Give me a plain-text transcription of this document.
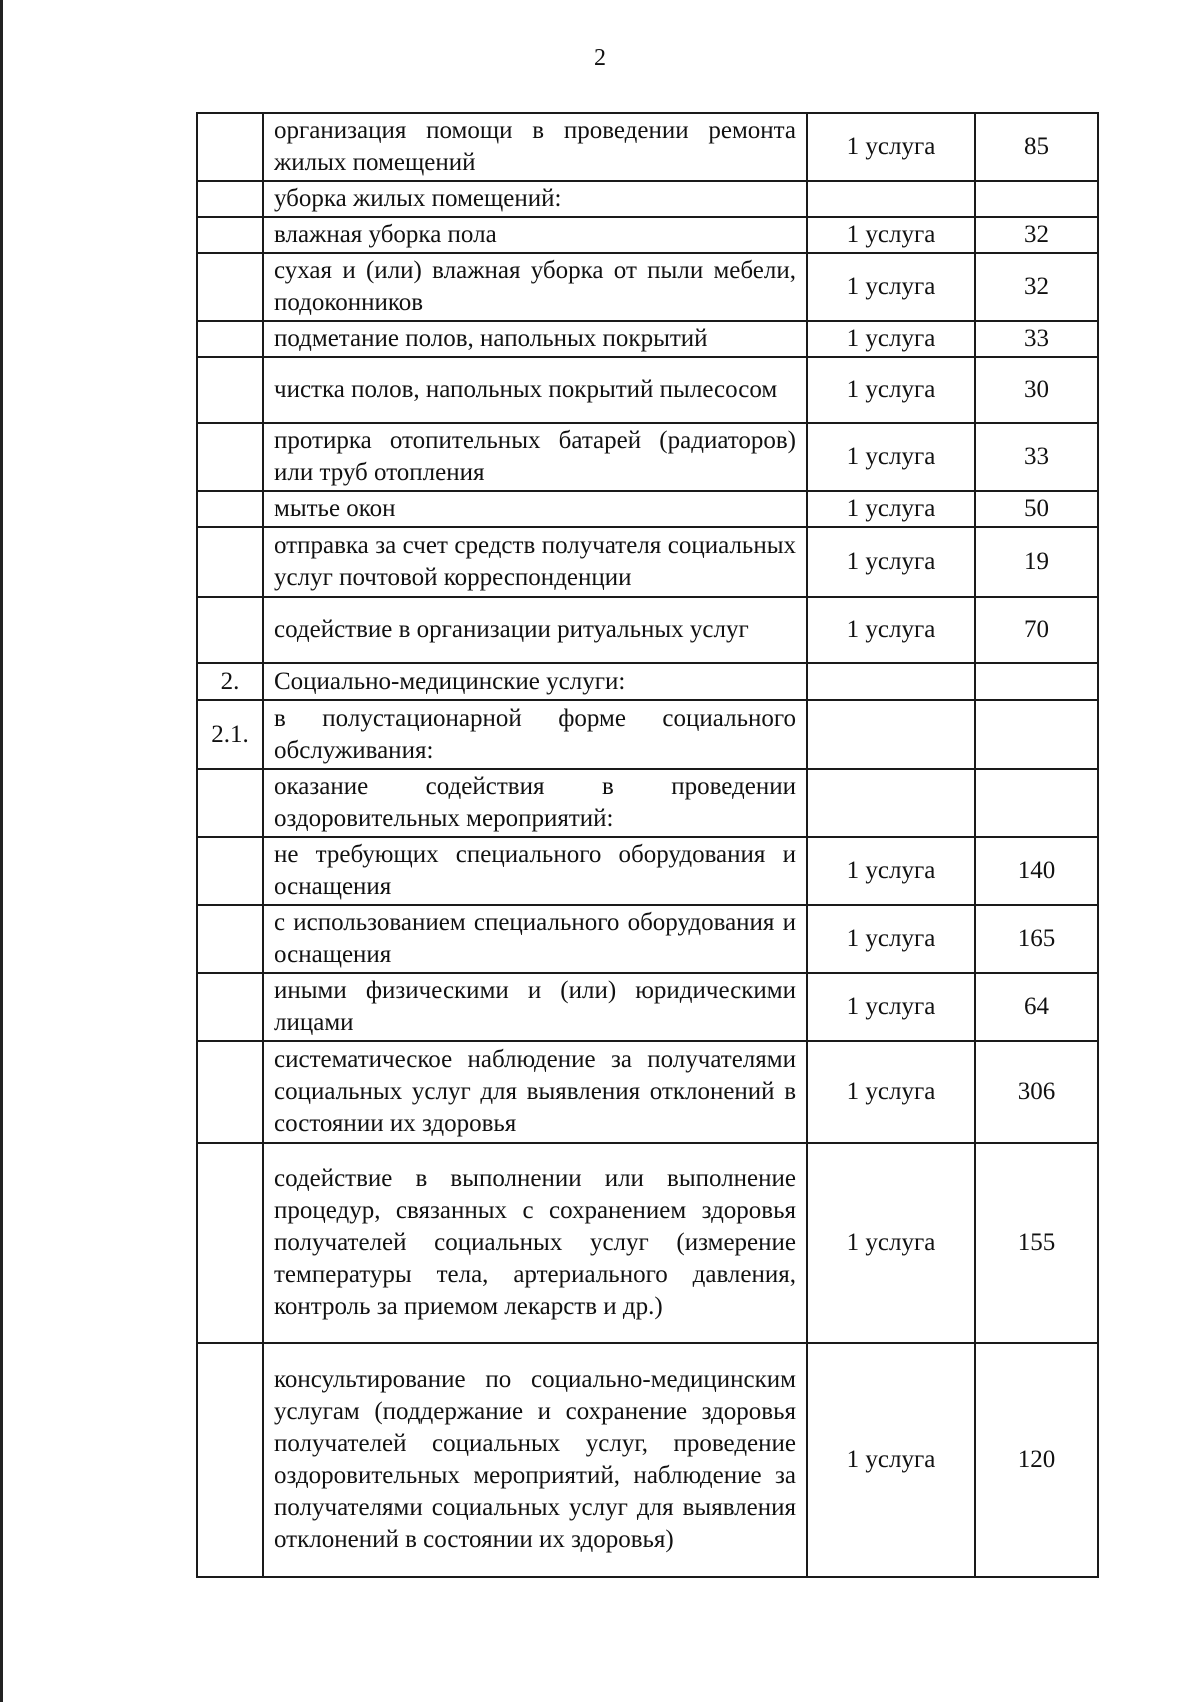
2
	организация помощи в проведении ремонта жилых помещений	1 услуга	85
	уборка жилых помещений:		
	влажная уборка пола	1 услуга	32
	сухая и (или) влажная уборка от пыли мебели, подоконников	1 услуга	32
	подметание полов, напольных покрытий	1 услуга	33
	чистка полов, напольных покрытий пылесосом	1 услуга	30
	протирка отопительных батарей (радиаторов) или труб отопления	1 услуга	33
	мытье окон	1 услуга	50
	отправка за счет средств получателя социальных услуг почтовой корреспонденции	1 услуга	19
	содействие в организации ритуальных услуг	1 услуга	70
2.	Социально-медицинские услуги:		
2.1.	в полустационарной форме социального обслуживания:		
	оказание содействия в проведении оздоровительных мероприятий:		
	не требующих специального оборудования и оснащения	1 услуга	140
	с использованием специального оборудования и оснащения	1 услуга	165
	иными физическими и (или) юридическими лицами	1 услуга	64
	систематическое наблюдение за получателями социальных услуг для выявления отклонений в состоянии их здоровья	1 услуга	306
	содействие в выполнении или выполнение процедур, связанных с сохранением здоровья получателей социальных услуг (измерение температуры тела, артериального давления, контроль за приемом лекарств и др.)	1 услуга	155
	консультирование по социально-медицинским услугам (поддержание и сохранение здоровья получателей социальных услуг, проведение оздоровительных мероприятий, наблюдение за получателями социальных услуг для выявления отклонений в состоянии их здоровья)	1 услуга	120
